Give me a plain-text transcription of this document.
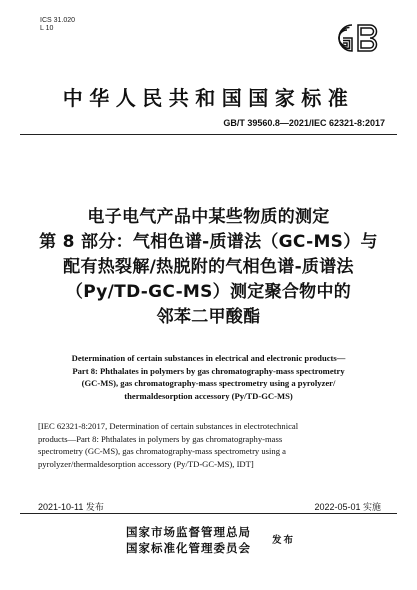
ICS 31.020
L 10
中华人民共和国国家标准
GB/T 39560.8—2021/IEC 62321-8:2017
电子电气产品中某些物质的测定
第 8 部分：气相色谱-质谱法（GC-MS）与
配有热裂解/热脱附的气相色谱-质谱法
（Py/TD-GC-MS）测定聚合物中的
邻苯二甲酸酯
Determination of certain substances in electrical and electronic products—
Part 8: Phthalates in polymers by gas chromatography-mass spectrometry
(GC-MS), gas chromatography-mass spectrometry using a pyrolyzer/
thermaldesorption accessory (Py/TD-GC-MS)
[IEC 62321-8:2017, Determination of certain substances in electrotechnical
products—Part 8: Phthalates in polymers by gas chromatography-mass
spectrometry (GC-MS), gas chromatography-mass spectrometry using a
pyrolyzer/thermaldesorption accessory (Py/TD-GC-MS), IDT]
2021-10-11 发布	2022-05-01 实施
国家市场监督管理总局
国家标准化管理委员会
发布
